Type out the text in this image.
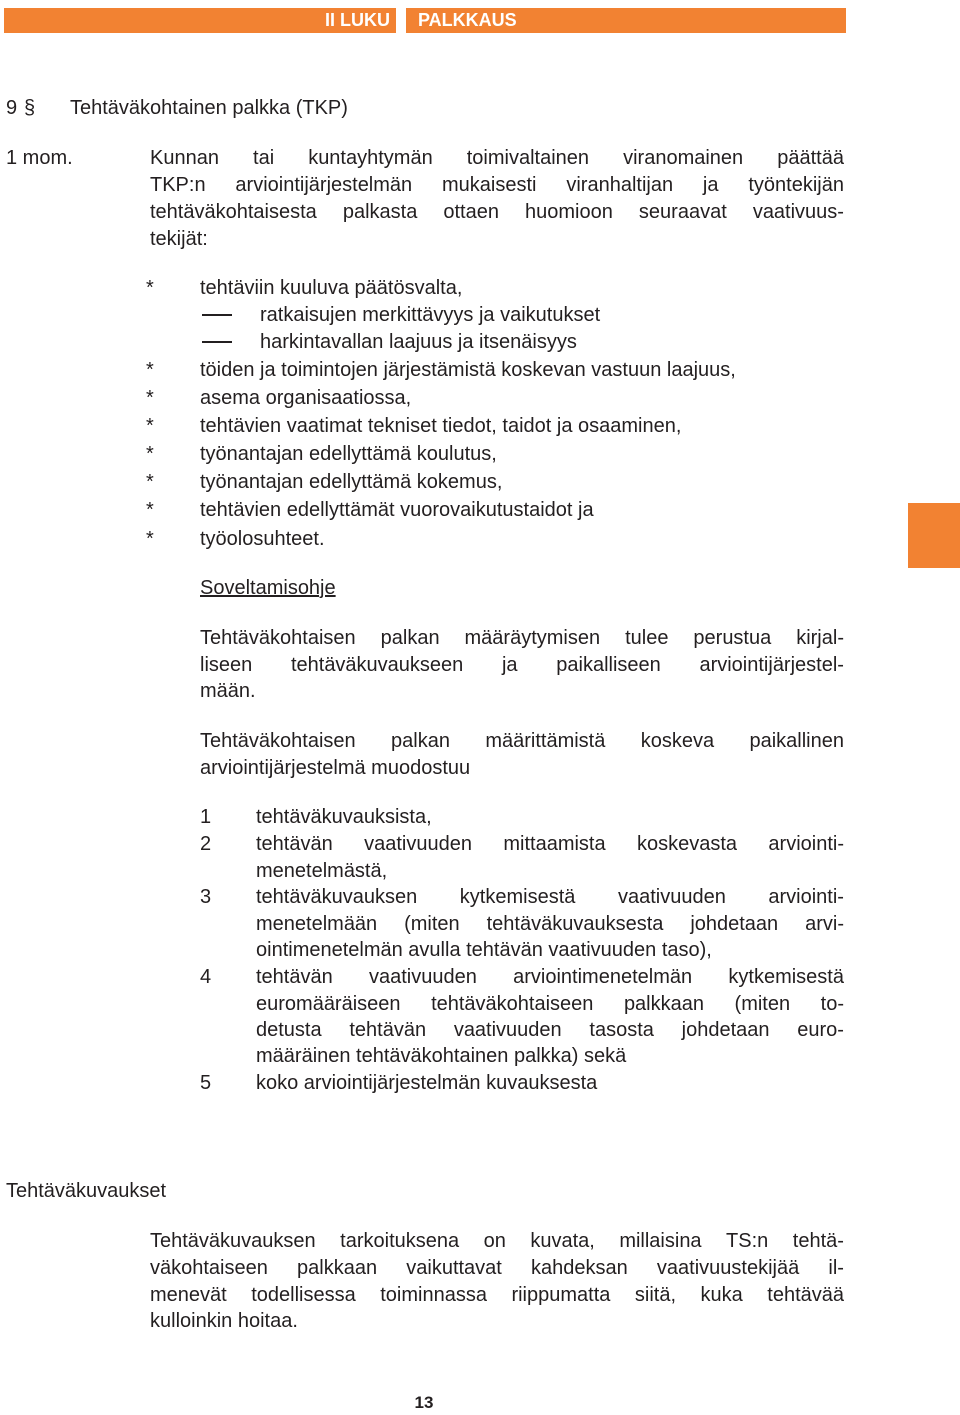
II LUKU	PALKKAUS
9 § Tehtäväkohtainen palkka (TKP)
1 mom.	Kunnan tai kuntayhtymän toimivaltainen viranomainen päättää
TKP:n arviointijärjestelmän mukaisesti viranhaltijan ja työntekijän
tehtäväkohtaisesta palkasta ottaen huomioon seuraavat vaativuus-
tekijät:
* tehtäviin kuuluva päätösvalta,
ratkaisujen merkittävyys ja vaikutukset
harkintavallan laajuus ja itsenäisyys
* töiden ja toimintojen järjestämistä koskevan vastuun laajuus,
* asema organisaatiossa,
* tehtävien vaatimat tekniset tiedot, taidot ja osaaminen,
* työnantajan edellyttämä koulutus,
* työnantajan edellyttämä kokemus,
* tehtävien edellyttämät vuorovaikutustaidot ja
* työolosuhteet.
Soveltamisohje
Tehtäväkohtaisen palkan määräytymisen tulee perustua kirjal-
liseen tehtäväkuvaukseen ja paikalliseen arviointijärjestel-
mään.
Tehtäväkohtaisen palkan määrittämistä koskeva paikallinen
arviointijärjestelmä muodostuu
1 tehtäväkuvauksista,
2 tehtävän vaativuuden mittaamista koskevasta arviointi-
menetelmästä,
3 tehtäväkuvauksen kytkemisestä vaativuuden arviointi-
menetelmään (miten tehtäväkuvauksesta johdetaan arvi-
ointimenetelmän avulla tehtävän vaativuuden taso),
4 tehtävän vaativuuden arviointimenetelmän kytkemisestä
euromääräiseen tehtäväkohtaiseen palkkaan (miten to-
detusta tehtävän vaativuuden tasosta johdetaan euro-
määräinen tehtäväkohtainen palkka) sekä
5 koko arviointijärjestelmän kuvauksesta
Tehtäväkuvaukset
Tehtäväkuvauksen tarkoituksena on kuvata, millaisina TS:n tehtä-
väkohtaiseen palkkaan vaikuttavat kahdeksan vaativuustekijää il-
menevät todellisessa toiminnassa riippumatta siitä, kuka tehtävää
kulloinkin hoitaa.
13
